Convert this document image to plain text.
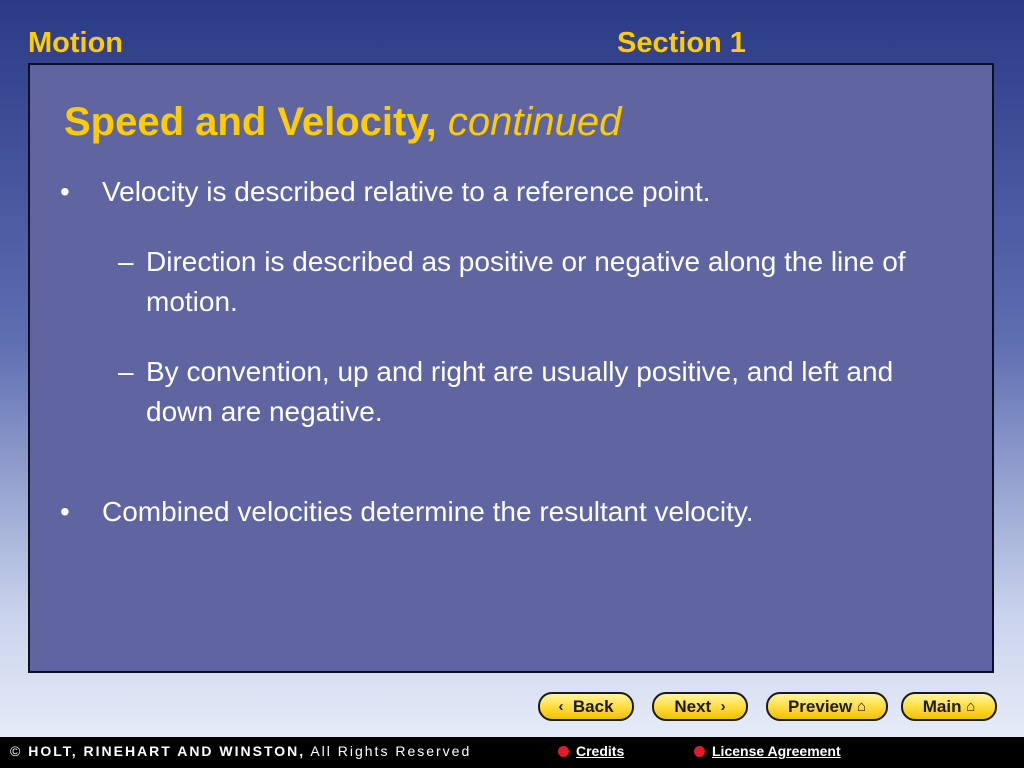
Motion	Section 1
Speed and Velocity, continued
•	Velocity is described relative to a reference point.
– Direction is described as positive or negative along the line of motion.
– By convention, up and right are usually positive, and left and down are negative.
•	Combined velocities determine the resultant velocity.
‹
Back	Next
›	Preview
⌂	Main
⌂
© HOLT, RINEHART AND WINSTON, All Rights Reserved	Credits	License Agreement
